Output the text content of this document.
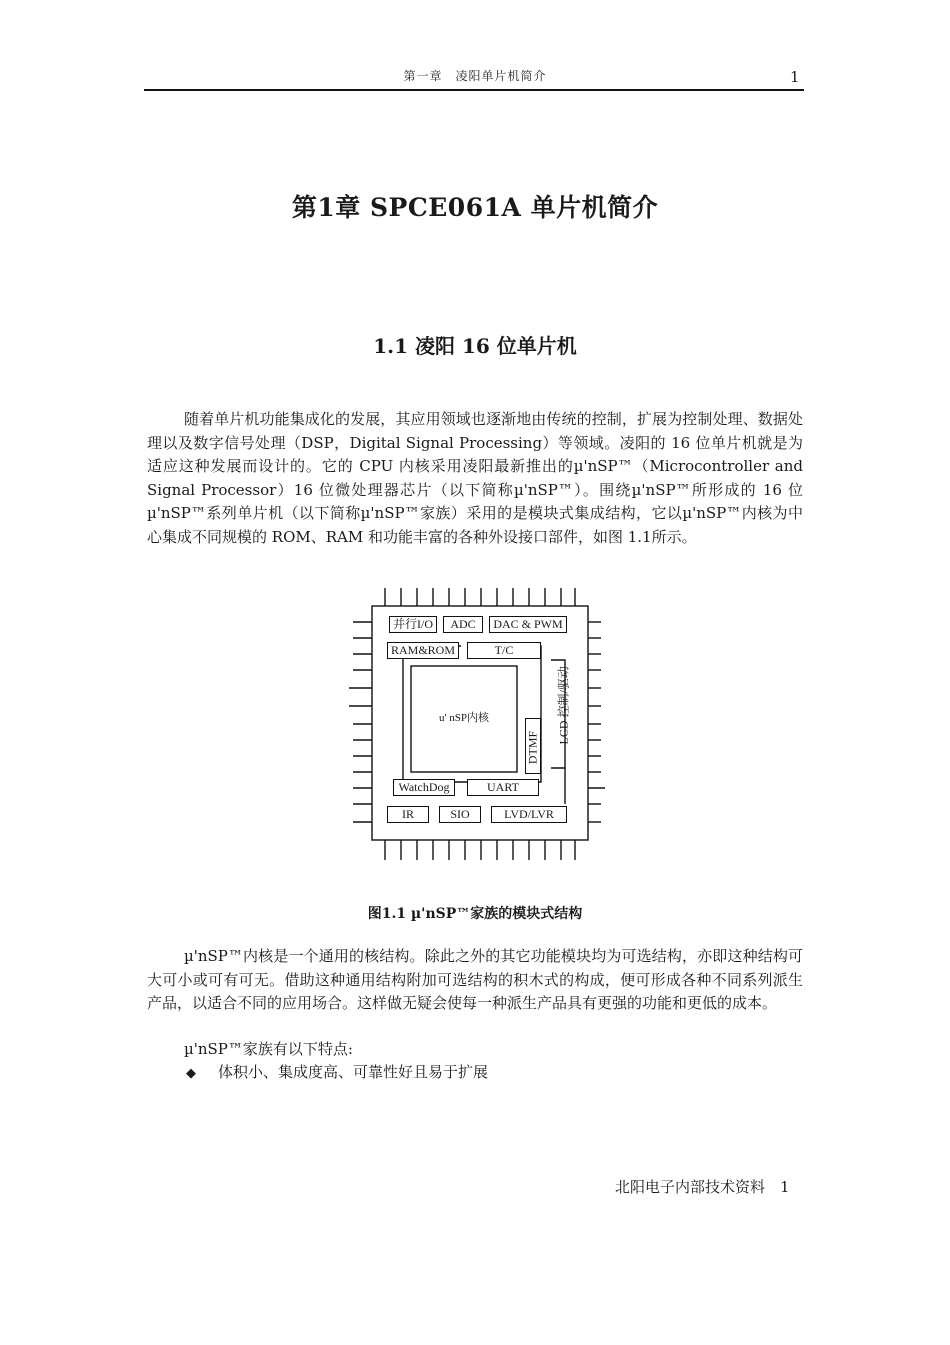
第一章　凌阳单片机简介	1
第1章 SPCE061A 单片机简介
1.1 凌阳 16 位单片机

随着单片机功能集成化的发展，其应用领域也逐渐地由传统的控制，扩展为控制处理、数据处理以及数字信号处理（DSP，Digital Signal Processing）等领域。凌阳的 16 位单片机就是为适应这种发展而设计的。它的 CPU 内核采用凌阳最新推出的µ'nSP™（Microcontroller and Signal Processor）16 位微处理器芯片（以下简称µ'nSP™）。围绕µ'nSP™所形成的 16 位µ'nSP™系列单片机（以下简称µ'nSP™家族）采用的是模块式集成结构，它以µ'nSP™内核为中心集成不同规模的 ROM、RAM 和功能丰富的各种外设接口部件，如图 1.1所示。

并行I/O	ADC	DAC & PWM
RAM&ROM	T/C
u' nSP内核
DTMF
LCD 控制/驱动
WatchDog	UART
IR	SIO	LVD/LVR
图1.1 µ'nSP™家族的模块式结构

µ'nSP™内核是一个通用的核结构。除此之外的其它功能模块均为可选结构，亦即这种结构可大可小或可有可无。借助这种通用结构附加可选结构的积木式的构成，便可形成各种不同系列派生产品，以适合不同的应用场合。这样做无疑会使每一种派生产品具有更强的功能和更低的成本。

µ'nSP™家族有以下特点:

◆ 体积小、集成度高、可靠性好且易于扩展
北阳电子内部技术资料　1
